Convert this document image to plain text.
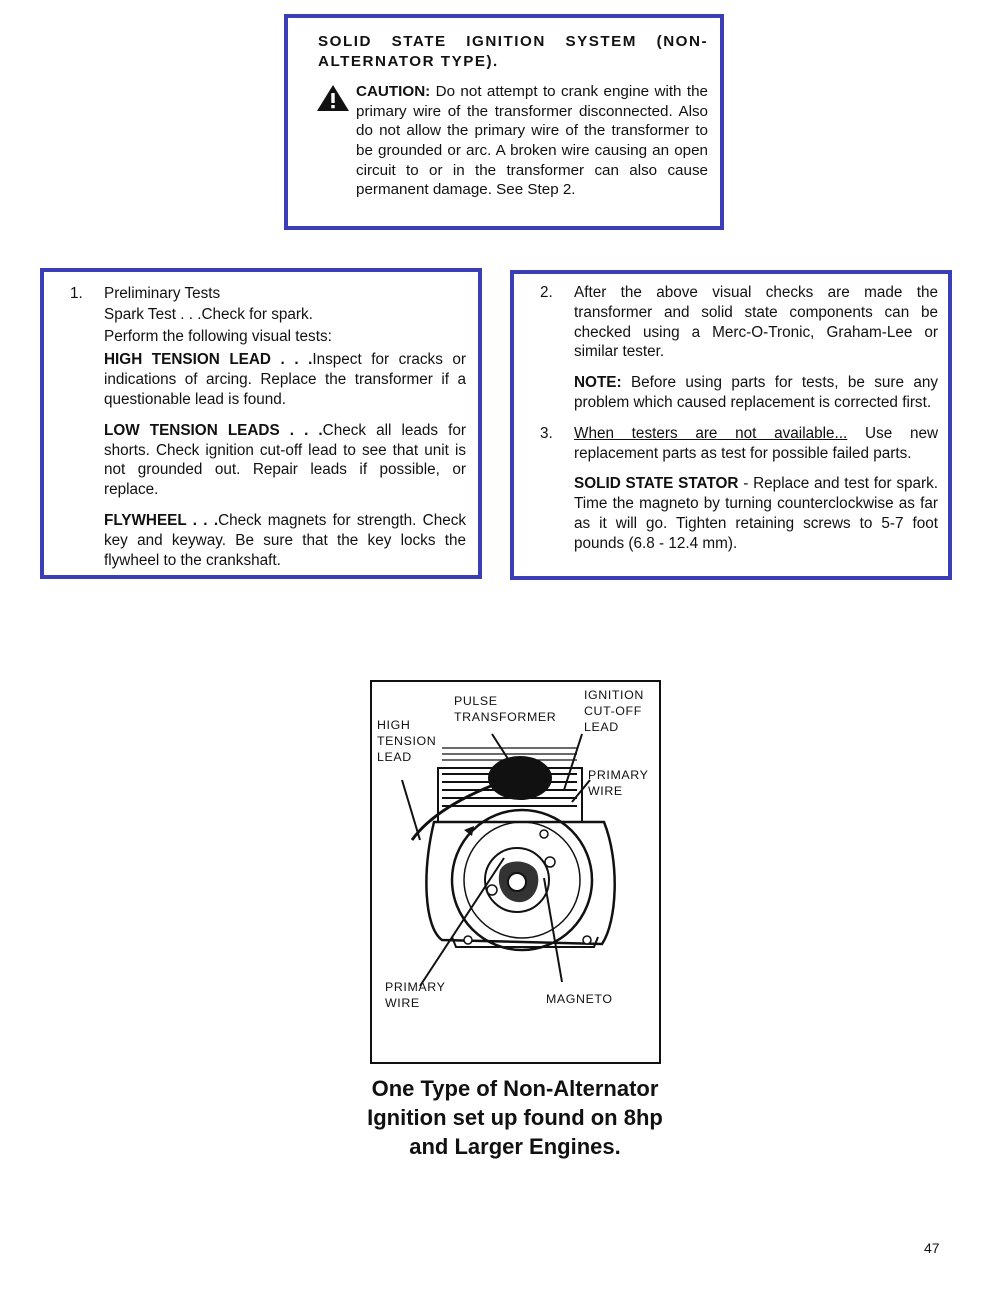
SOLID STATE IGNITION SYSTEM (NON-ALTERNATOR TYPE).

CAUTION: Do not attempt to crank engine with the primary wire of the transformer disconnected. Also do not allow the primary wire of the transformer to be grounded or arc. A broken wire causing an open circuit to or in the transformer can also cause permanent damage. See Step 2.

1.	Preliminary Tests

Spark Test . . .Check for spark.

Perform the following visual tests:

HIGH TENSION LEAD . . .Inspect for cracks or indications of arcing. Replace the transformer if a questionable lead is found.

LOW TENSION LEADS . . .Check all leads for shorts. Check ignition cut-off lead to see that unit is not grounded out. Repair leads if possible, or replace.

FLYWHEEL . . .Check magnets for strength. Check key and keyway. Be sure that the key locks the flywheel to the crankshaft.

2.	After the above visual checks are made the transformer and solid state components can be checked using a Merc-O-Tronic, Graham-Lee or similar tester.

NOTE: Before using parts for tests, be sure any problem which caused replacement is corrected first.

3.	When testers are not available... Use new replacement parts as test for possible failed parts.

SOLID STATE STATOR - Replace and test for spark. Time the magneto by turning counterclockwise as far as it will go. Tighten retaining screws to 5-7 foot pounds (6.8 - 12.4 mm).

PULSE

TRANSFORMER

IGNITION

CUT-OFF

LEAD

HIGH

TENSION

LEAD

PRIMARY

WIRE

PRIMARY

WIRE	MAGNETO

One Type of Non-Alternator

Ignition set up found on 8hp

and Larger Engines.

47
